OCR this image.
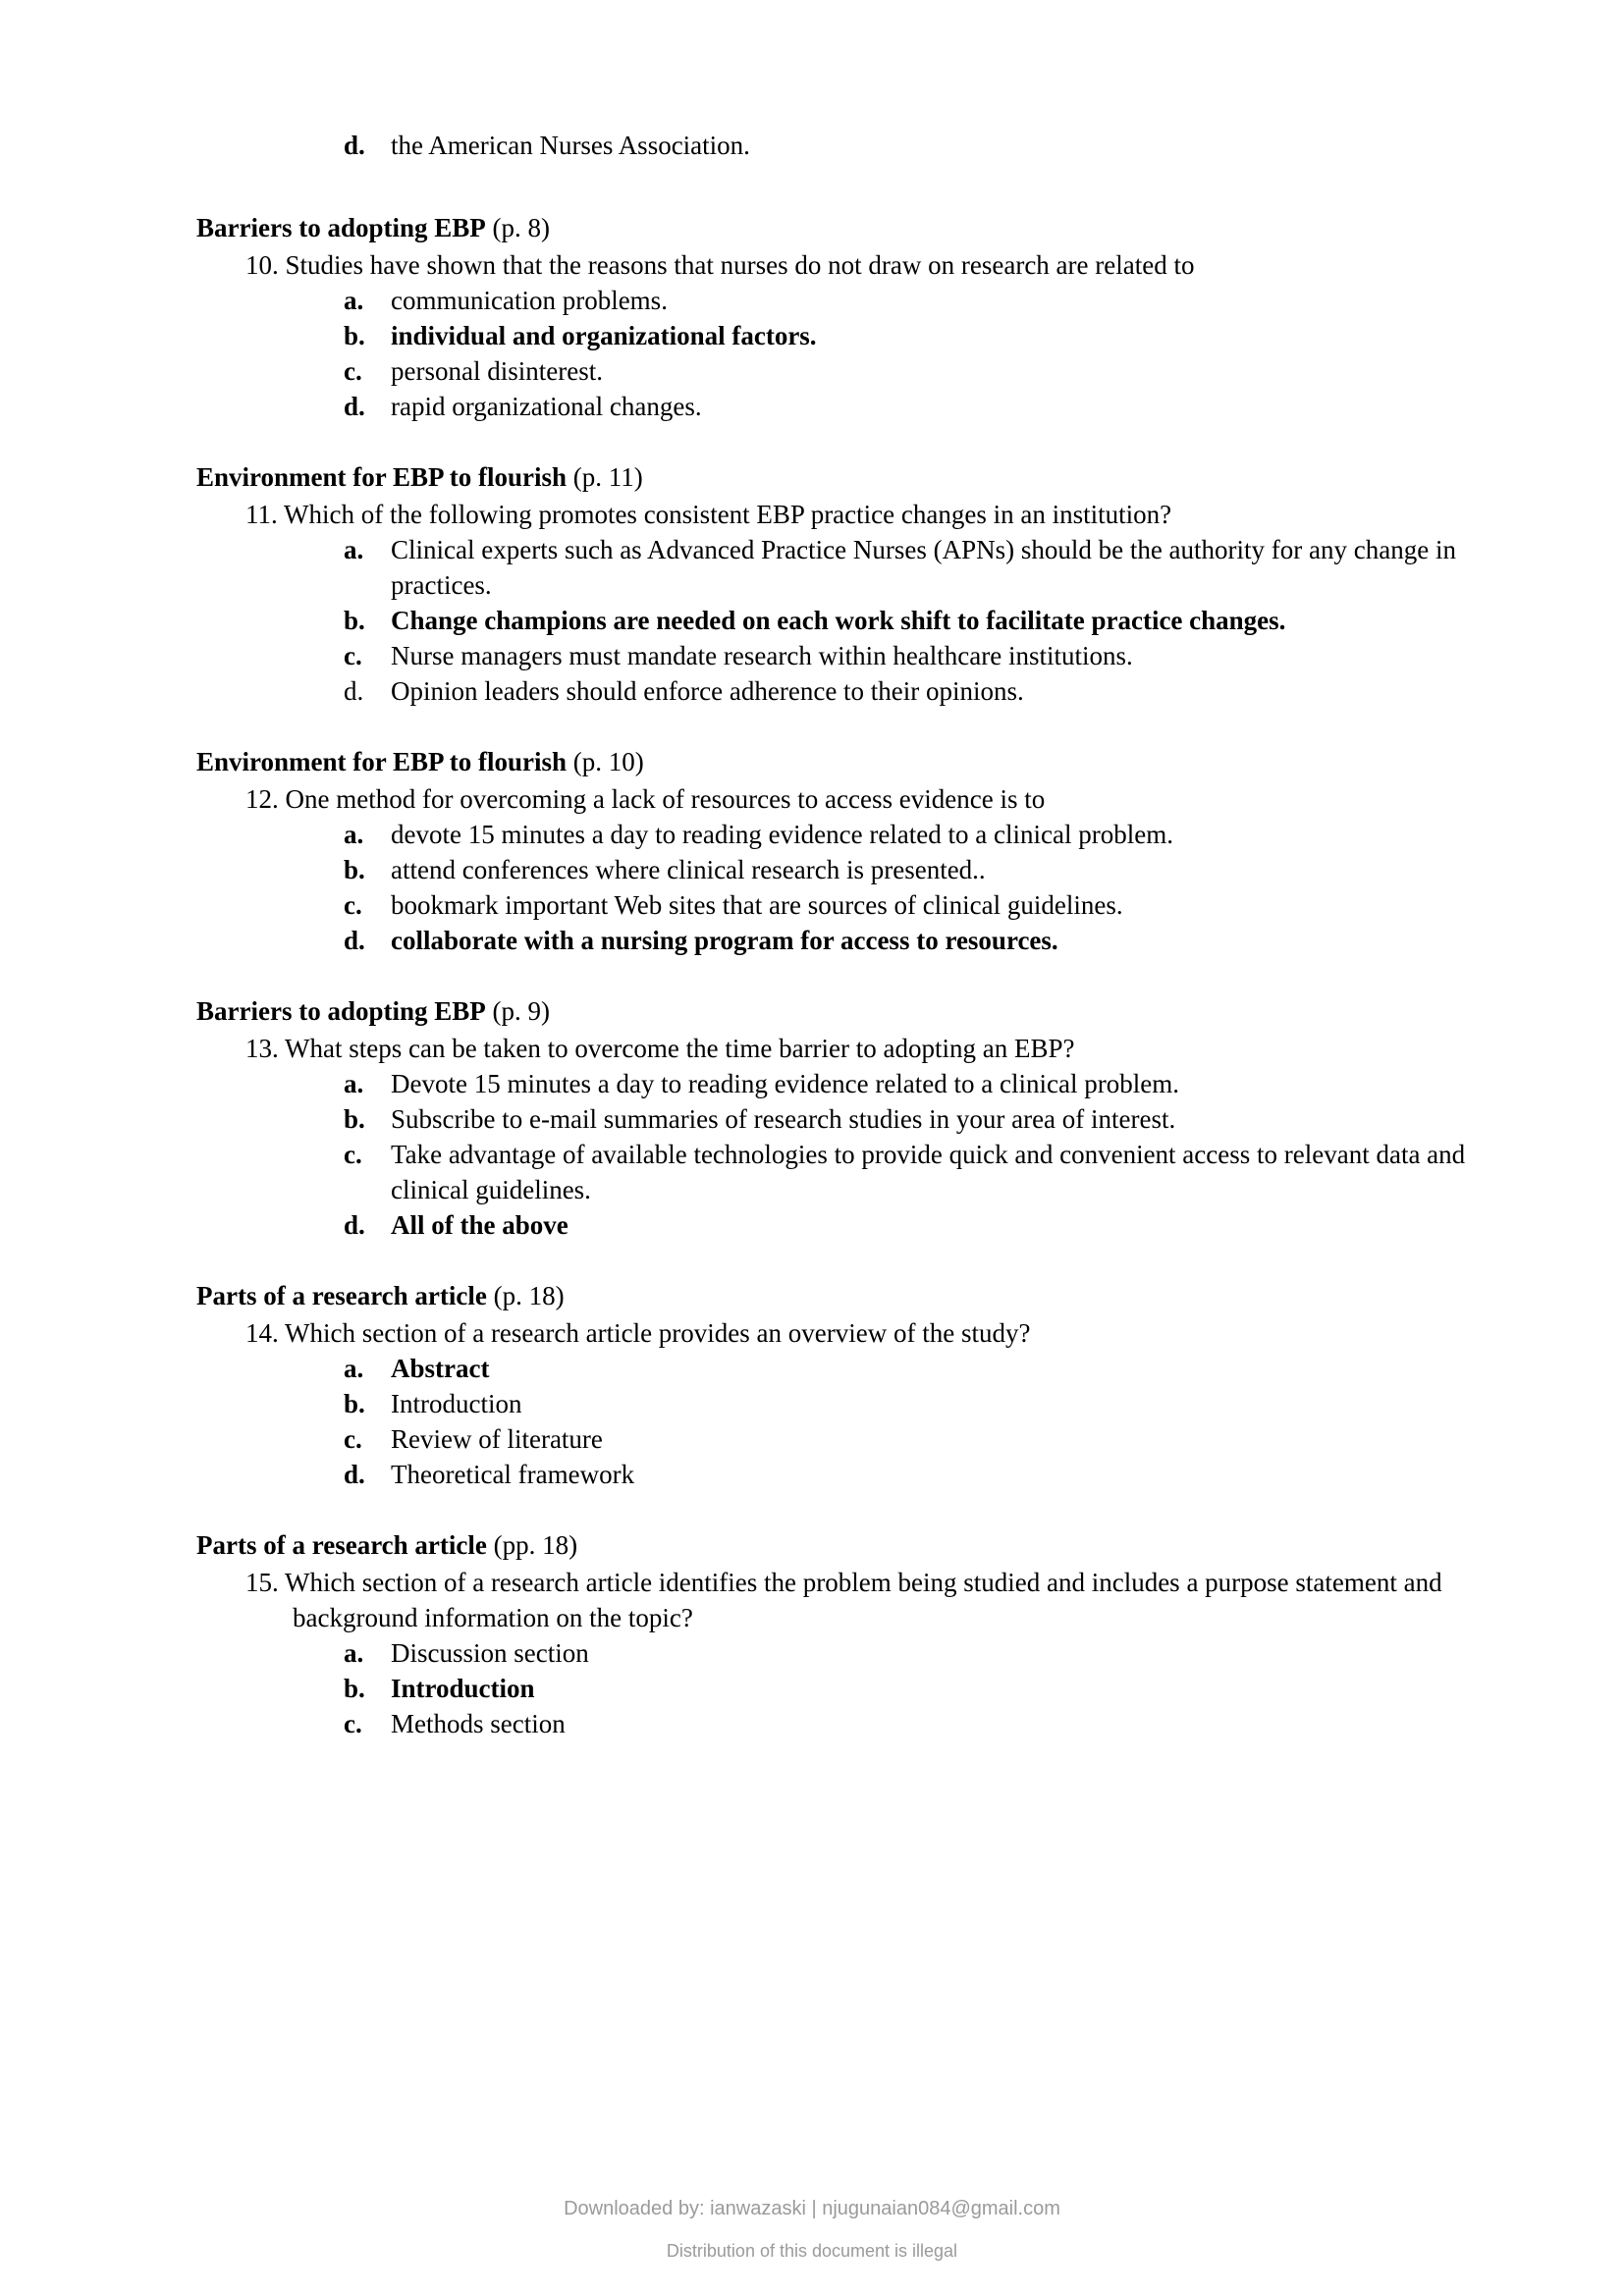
d. the American Nurses Association.
Barriers to adopting EBP (p. 8)
10. Studies have shown that the reasons that nurses do not draw on research are related to
a. communication problems.
b. individual and organizational factors.
c. personal disinterest.
d. rapid organizational changes.
Environment for EBP to flourish (p. 11)
11. Which of the following promotes consistent EBP practice changes in an institution?
a. Clinical experts such as Advanced Practice Nurses (APNs) should be the authority for any change in practices.
b. Change champions are needed on each work shift to facilitate practice changes.
c. Nurse managers must mandate research within healthcare institutions.
d. Opinion leaders should enforce adherence to their opinions.
Environment for EBP to flourish (p. 10)
12. One method for overcoming a lack of resources to access evidence is to
a. devote 15 minutes a day to reading evidence related to a clinical problem.
b. attend conferences where clinical research is presented..
c. bookmark important Web sites that are sources of clinical guidelines.
d. collaborate with a nursing program for access to resources.
Barriers to adopting EBP (p. 9)
13. What steps can be taken to overcome the time barrier to adopting an EBP?
a. Devote 15 minutes a day to reading evidence related to a clinical problem.
b. Subscribe to e-mail summaries of research studies in your area of interest.
c. Take advantage of available technologies to provide quick and convenient access to relevant data and clinical guidelines.
d. All of the above
Parts of a research article (p. 18)
14. Which section of a research article provides an overview of the study?
a. Abstract
b. Introduction
c. Review of literature
d. Theoretical framework
Parts of a research article (pp. 18)
15. Which section of a research article identifies the problem being studied and includes a purpose statement and background information on the topic?
a. Discussion section
b. Introduction
c. Methods section
Downloaded by: ianwazaski | njugunaian084@gmail.com
Distribution of this document is illegal
